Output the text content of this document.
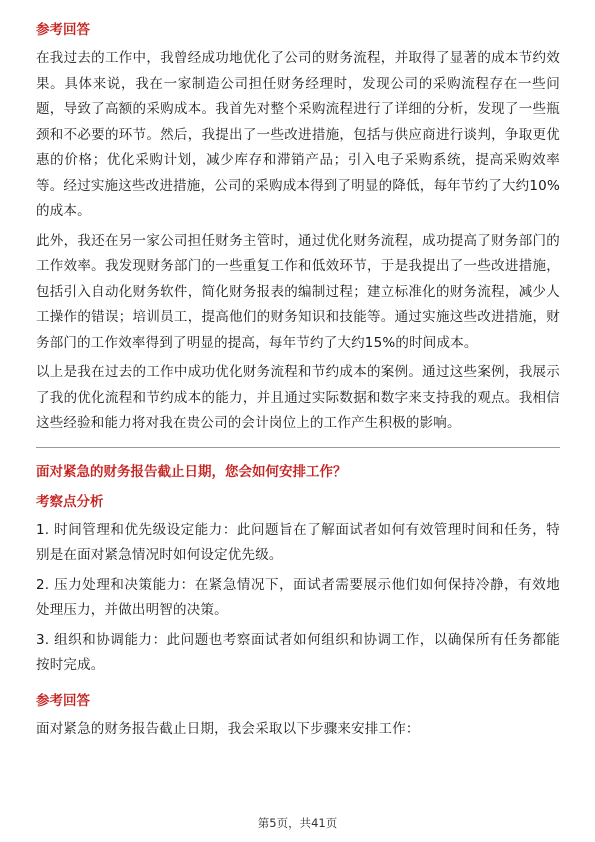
参考回答

在我过去的工作中，我曾经成功地优化了公司的财务流程，并取得了显著的成本节约效果。具体来说，我在一家制造公司担任财务经理时，发现公司的采购流程存在一些问题，导致了高额的采购成本。我首先对整个采购流程进行了详细的分析，发现了一些瓶颈和不必要的环节。然后，我提出了一些改进措施，包括与供应商进行谈判，争取更优惠的价格；优化采购计划，减少库存和滞销产品；引入电子采购系统，提高采购效率等。经过实施这些改进措施，公司的采购成本得到了明显的降低，每年节约了大约10%的成本。

此外，我还在另一家公司担任财务主管时，通过优化财务流程，成功提高了财务部门的工作效率。我发现财务部门的一些重复工作和低效环节，于是我提出了一些改进措施，包括引入自动化财务软件，简化财务报表的编制过程；建立标准化的财务流程，减少人工操作的错误；培训员工，提高他们的财务知识和技能等。通过实施这些改进措施，财务部门的工作效率得到了明显的提高，每年节约了大约15%的时间成本。

以上是我在过去的工作中成功优化财务流程和节约成本的案例。通过这些案例，我展示了我的优化流程和节约成本的能力，并且通过实际数据和数字来支持我的观点。我相信这些经验和能力将对我在贵公司的会计岗位上的工作产生积极的影响。

面对紧急的财务报告截止日期，您会如何安排工作？

考察点分析

1. 时间管理和优先级设定能力：此问题旨在了解面试者如何有效管理时间和任务，特别是在面对紧急情况时如何设定优先级。

2. 压力处理和决策能力：在紧急情况下，面试者需要展示他们如何保持冷静，有效地处理压力，并做出明智的决策。

3. 组织和协调能力：此问题也考察面试者如何组织和协调工作，以确保所有任务都能按时完成。

参考回答

面对紧急的财务报告截止日期，我会采取以下步骤来安排工作：

第5页，共41页
